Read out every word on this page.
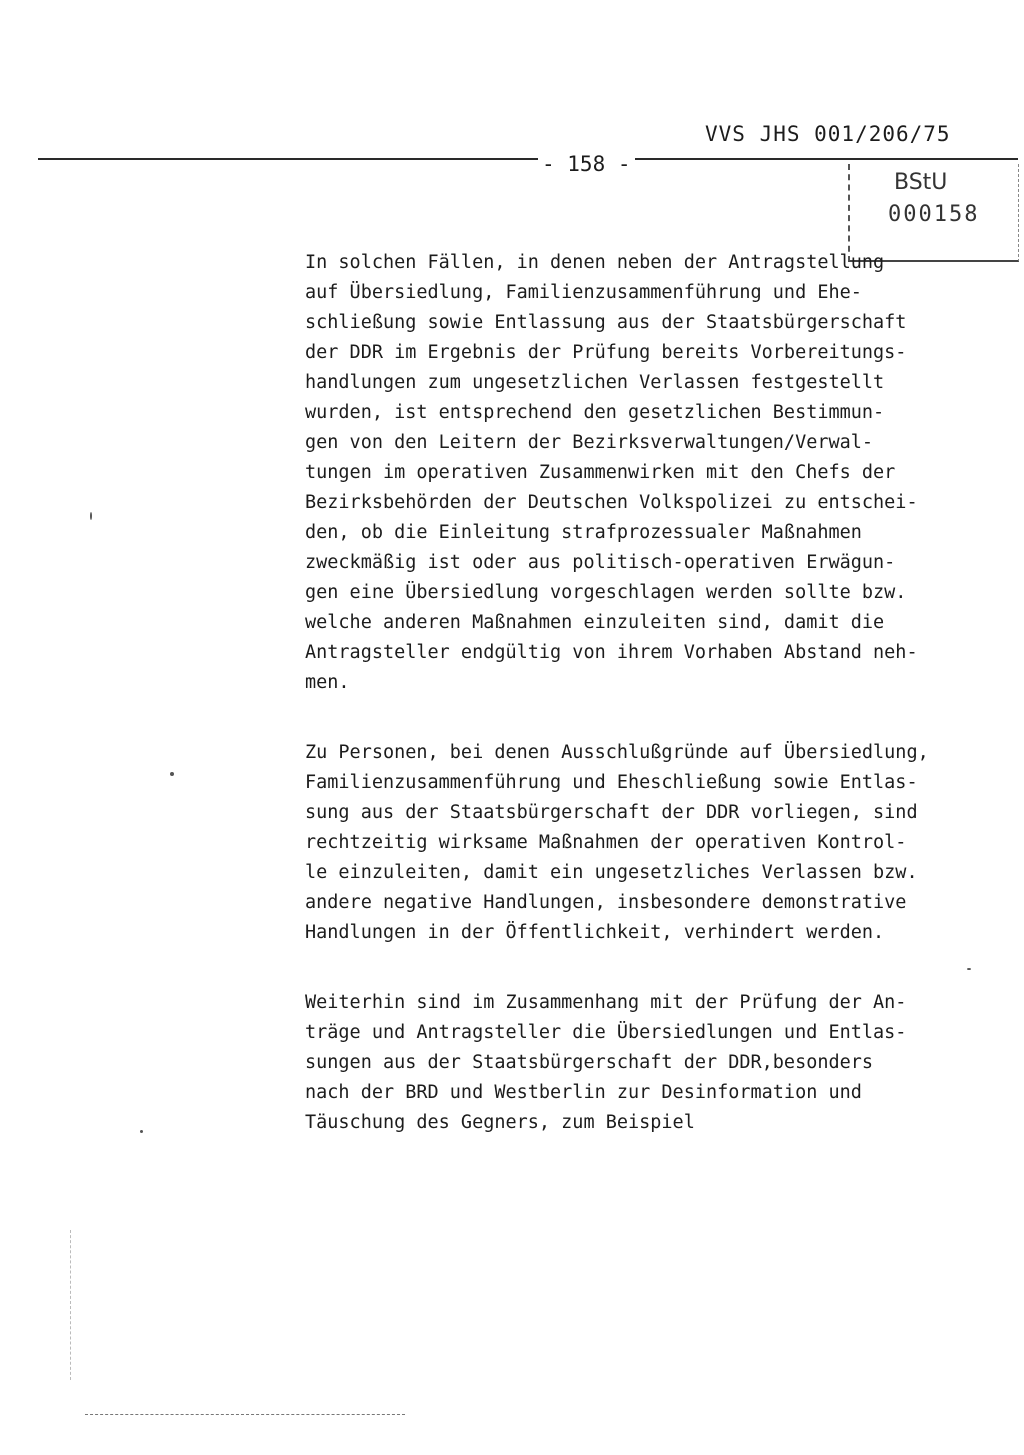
VVS JHS 001/206/75
- 158 -
BStU
000158

In solchen Fällen, in denen neben der Antragstellung
auf Übersiedlung, Familienzusammenführung und Ehe-
schließung sowie Entlassung aus der Staatsbürgerschaft
der DDR im Ergebnis der Prüfung bereits Vorbereitungs-
handlungen zum ungesetzlichen Verlassen festgestellt
wurden, ist entsprechend den gesetzlichen Bestimmun-
gen von den Leitern der Bezirksverwaltungen/Verwal-
tungen im operativen Zusammenwirken mit den Chefs der
Bezirksbehörden der Deutschen Volkspolizei zu entschei-
den, ob die Einleitung strafprozessualer Maßnahmen
zweckmäßig ist oder aus politisch-operativen Erwägun-
gen eine Übersiedlung vorgeschlagen werden sollte bzw.
welche anderen Maßnahmen einzuleiten sind, damit die
Antragsteller endgültig von ihrem Vorhaben Abstand neh-
men.

Zu Personen, bei denen Ausschlußgründe auf Übersiedlung,
Familienzusammenführung und Eheschließung sowie Entlas-
sung aus der Staatsbürgerschaft der DDR vorliegen, sind
rechtzeitig wirksame Maßnahmen der operativen Kontrol-
le einzuleiten, damit ein ungesetzliches Verlassen bzw.
andere negative Handlungen, insbesondere demonstrative
Handlungen in der Öffentlichkeit, verhindert werden.

Weiterhin sind im Zusammenhang mit der Prüfung der An-
träge und Antragsteller die Übersiedlungen und Entlas-
sungen aus der Staatsbürgerschaft der DDR,besonders
nach der BRD und Westberlin zur Desinformation und
Täuschung des Gegners, zum Beispiel
